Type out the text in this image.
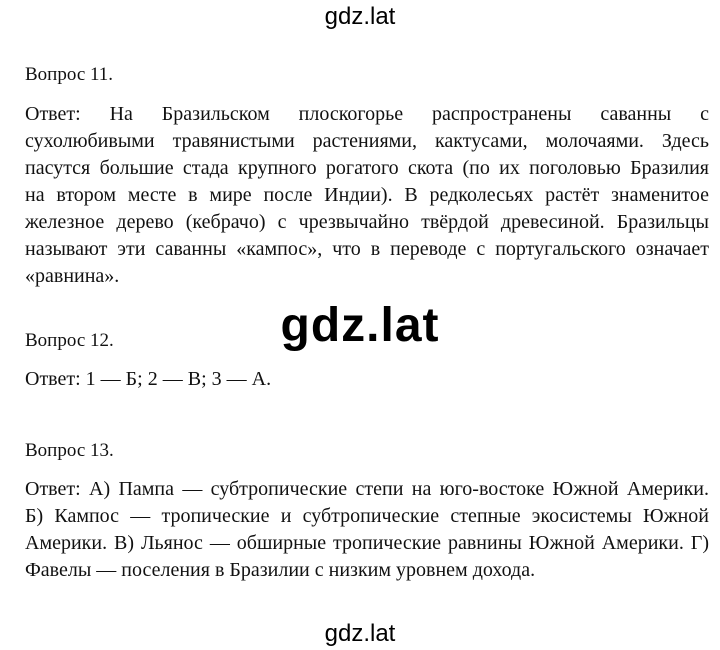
gdz.lat
Вопрос 11.
Ответ: На Бразильском плоскогорье распространены саванны с
сухолюбивыми травянистыми растениями, кактусами, молочаями. Здесь
пасутся большие стада крупного рогатого скота (по их поголовью Бразилия
на втором месте в мире после Индии). В редколесьях растёт знаменитое
железное дерево (кебрачо) с чрезвычайно твёрдой древесиной. Бразильцы
называют эти саванны «кампос», что в переводе с португальского означает
«равнина».
gdz.lat
Вопрос 12.
Ответ: 1 — Б; 2 — В; 3 — А.
Вопрос 13.
Ответ: А) Пампа — субтропические степи на юго-востоке Южной Америки.
Б) Кампос — тропические и субтропические степные экосистемы Южной
Америки. В) Льянос — обширные тропические равнины Южной Америки. Г)
Фавелы — поселения в Бразилии с низким уровнем дохода.
gdz.lat
